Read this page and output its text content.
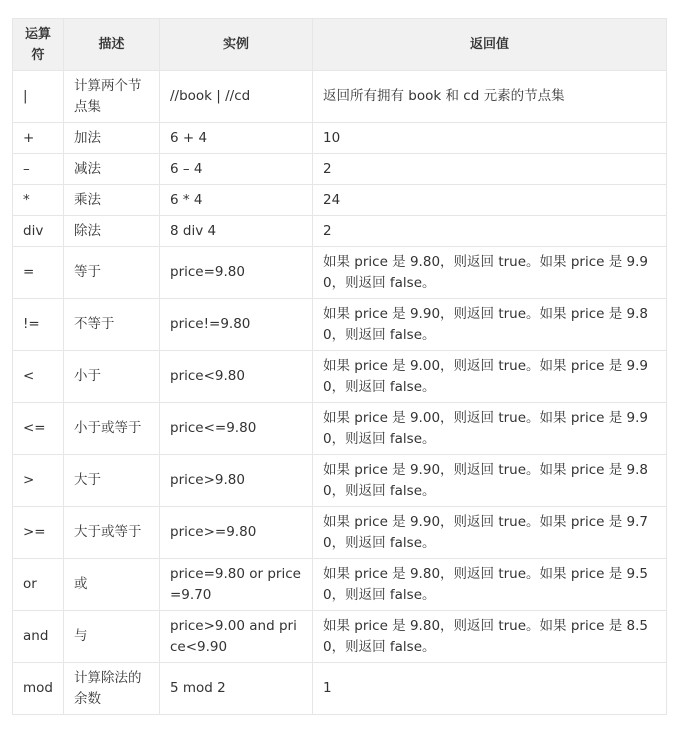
运算符	描述	实例	返回值
|	计算两个节点集	//book | //cd	返回所有拥有 book 和 cd 元素的节点集
+	加法	6 + 4	10
–	减法	6 – 4	2
*	乘法	6 * 4	24
div	除法	8 div 4	2
=	等于	price=9.80	如果 price 是 9.80，则返回 true。如果 price 是 9.90，则返回 false。
!=	不等于	price!=9.80	如果 price 是 9.90，则返回 true。如果 price 是 9.80，则返回 false。
<	小于	price<9.80	如果 price 是 9.00，则返回 true。如果 price 是 9.90，则返回 false。
<=	小于或等于	price<=9.80	如果 price 是 9.00，则返回 true。如果 price 是 9.90，则返回 false。
>	大于	price>9.80	如果 price 是 9.90，则返回 true。如果 price 是 9.80，则返回 false。
>=	大于或等于	price>=9.80	如果 price 是 9.90，则返回 true。如果 price 是 9.70，则返回 false。
or	或	price=9.80 or price=9.70	如果 price 是 9.80，则返回 true。如果 price 是 9.50，则返回 false。
and	与	price>9.00 and price<9.90	如果 price 是 9.80，则返回 true。如果 price 是 8.50，则返回 false。
mod	计算除法的余数	5 mod 2	1
